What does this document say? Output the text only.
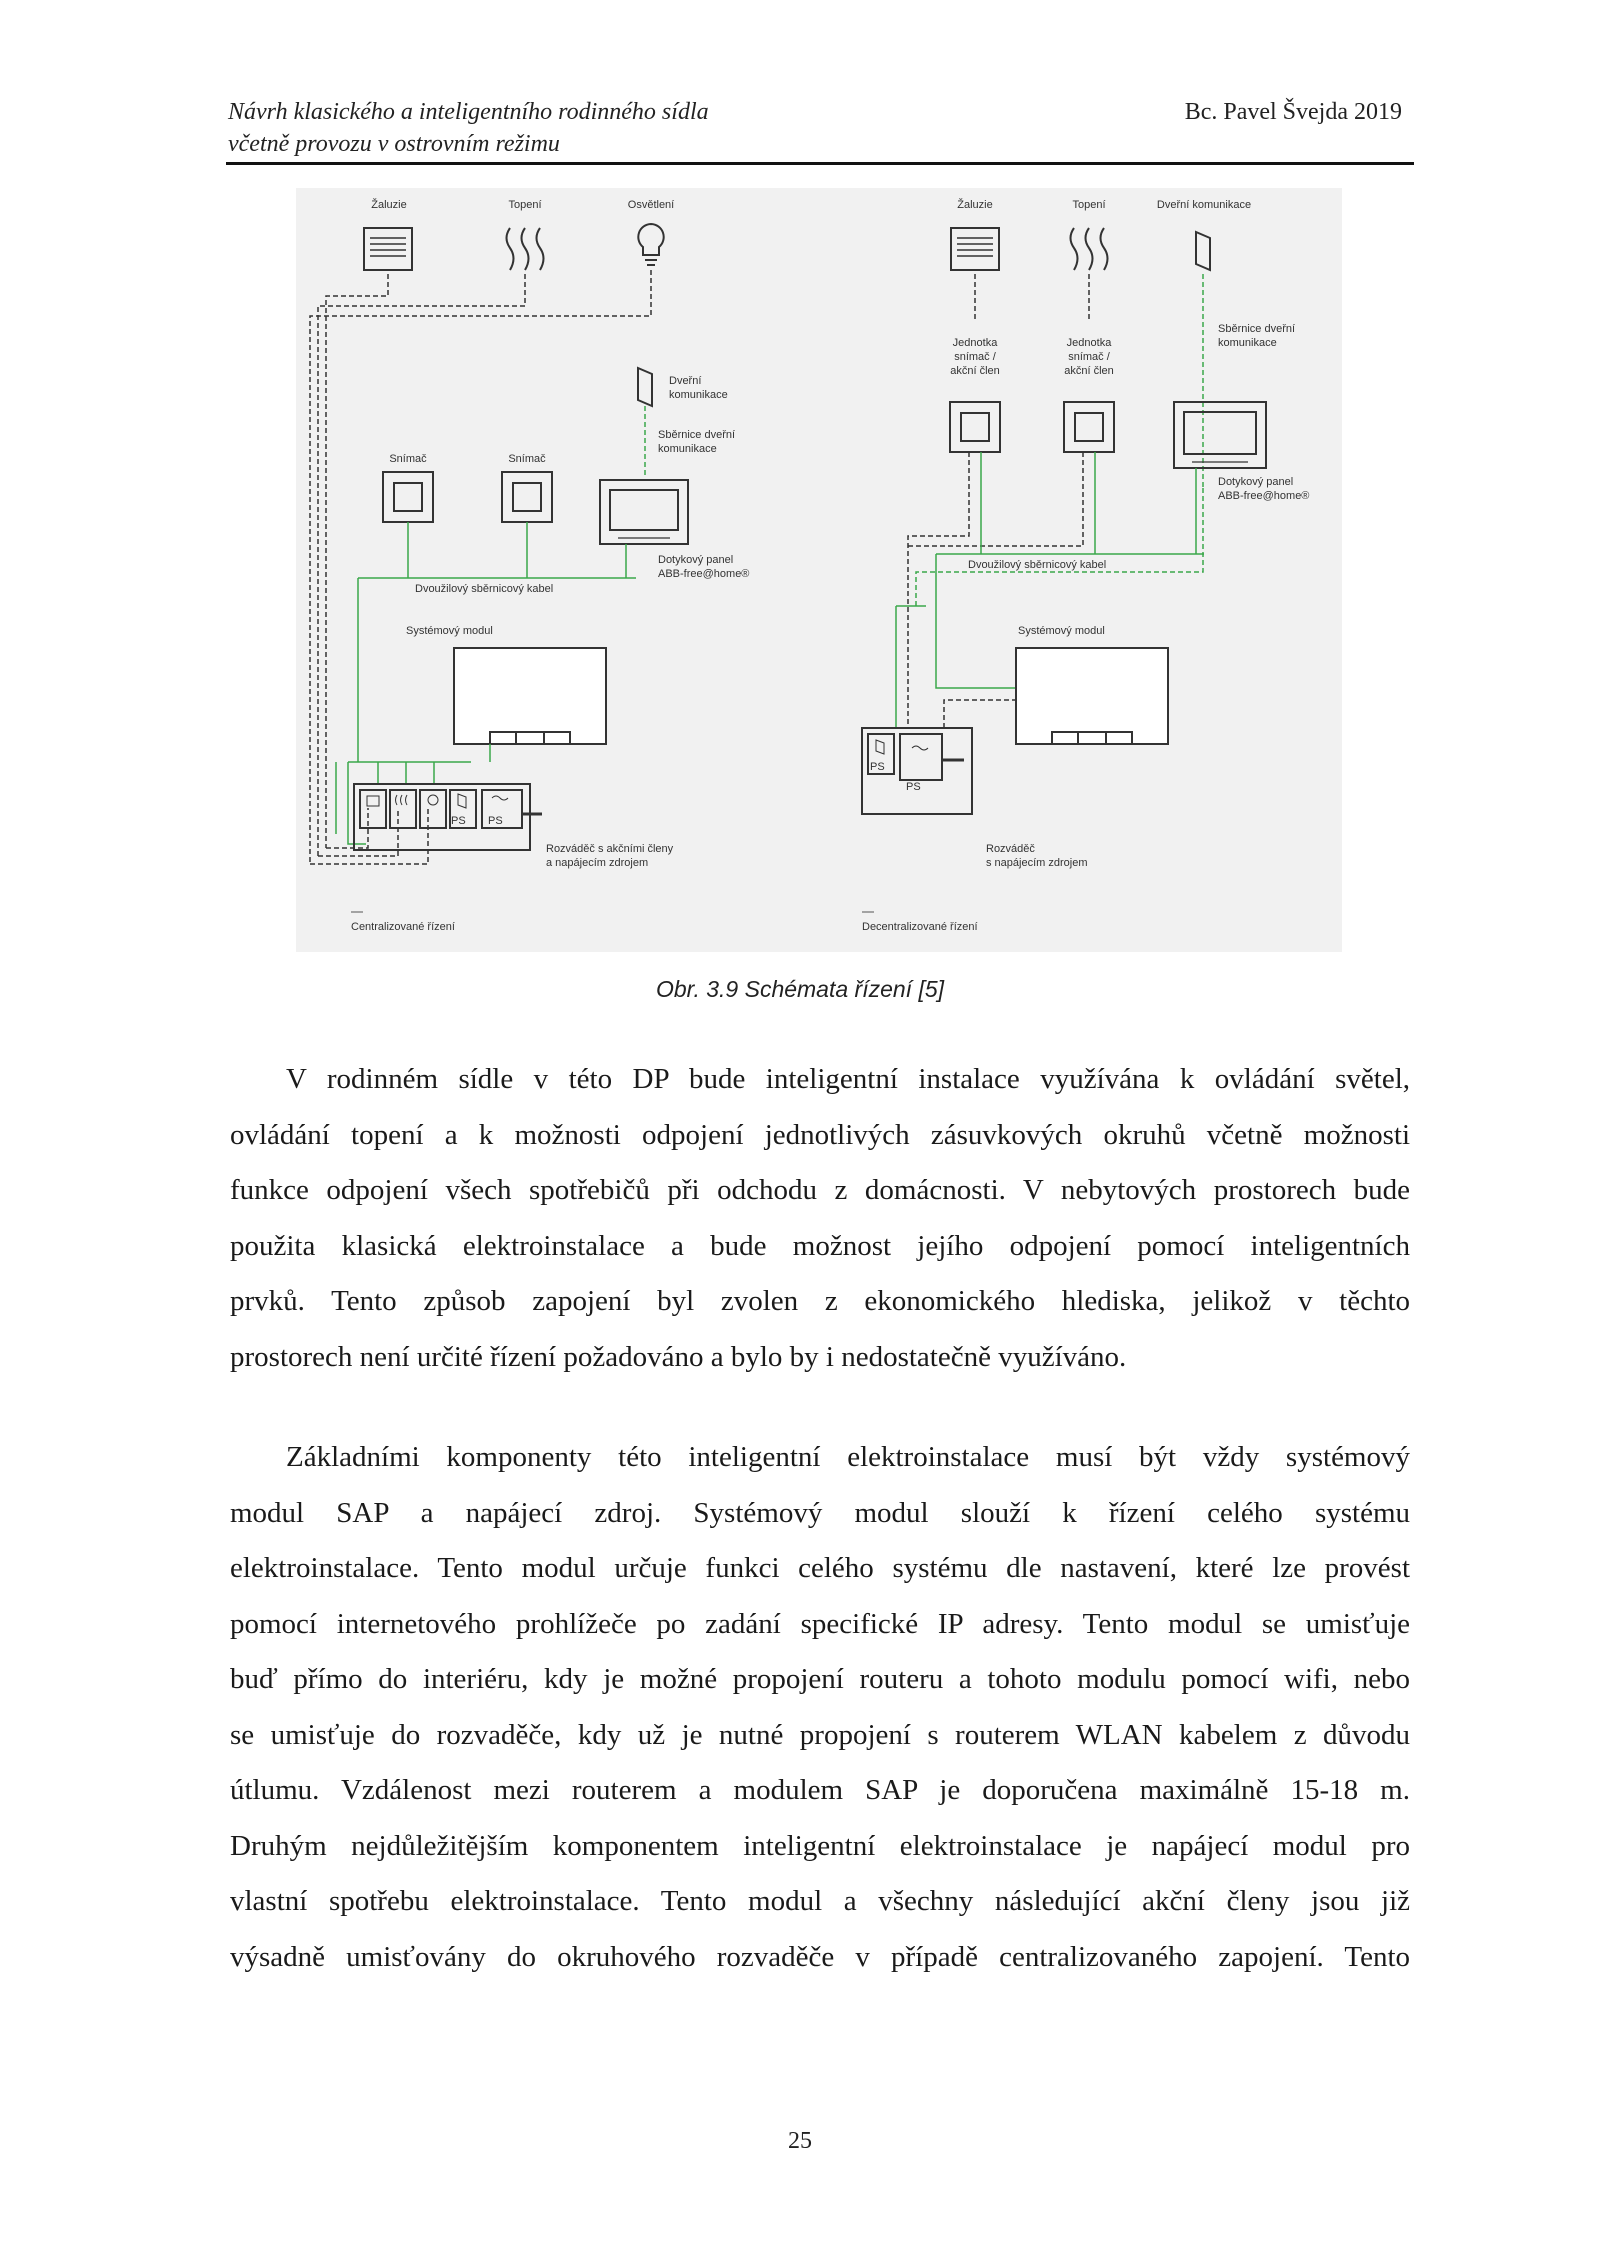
Návrh klasického a inteligentního rodinného sídla
včetně provozu v ostrovním režimu
Bc. Pavel Švejda 2019
Žaluzie	Topení	Osvětlení
Dveřní
komunikace
Sběrnice dveřní
komunikace
Snímač	Snímač
Dotykový panel
ABB-free@home®
Dvoužilový sběrnicový kabel
Systémový modul
PS PS
Rozváděč s akčními členy
a napájecím zdrojem
Centralizované řízení
Žaluzie	Topení	Dveřní komunikace
Jednotka
snímač /
akční člen
Jednotka
snímač /
akční člen
Sběrnice dveřní
komunikace
Dotykový panel
ABB-free@home®
Dvoužilový sběrnicový kabel
Systémový modul
PS
PS
Rozváděč
s napájecím zdrojem
Decentralizované řízení
Obr. 3.9 Schémata řízení [5]
V rodinném sídle v této DP bude inteligentní instalace využívána k ovládání světel,
ovládání topení a k možnosti odpojení jednotlivých zásuvkových okruhů včetně možnosti
funkce odpojení všech spotřebičů při odchodu z domácnosti. V nebytových prostorech bude
použita klasická elektroinstalace a bude možnost jejího odpojení pomocí inteligentních
prvků. Tento způsob zapojení byl zvolen z ekonomického hlediska, jelikož v těchto
prostorech není určité řízení požadováno a bylo by i nedostatečně využíváno.
Základními komponenty této inteligentní elektroinstalace musí být vždy systémový
modul SAP a napájecí zdroj. Systémový modul slouží k řízení celého systému
elektroinstalace. Tento modul určuje funkci celého systému dle nastavení, které lze provést
pomocí internetového prohlížeče po zadání specifické IP adresy. Tento modul se umisťuje
buď přímo do interiéru, kdy je možné propojení routeru a tohoto modulu pomocí wifi, nebo
se umisťuje do rozvaděče, kdy už je nutné propojení s routerem WLAN kabelem z důvodu
útlumu. Vzdálenost mezi routerem a modulem SAP je doporučena maximálně 15-18 m.
Druhým nejdůležitějším komponentem inteligentní elektroinstalace je napájecí modul pro
vlastní spotřebu elektroinstalace. Tento modul a všechny následující akční členy jsou již
výsadně umisťovány do okruhového rozvaděče v případě centralizovaného zapojení. Tento
25
